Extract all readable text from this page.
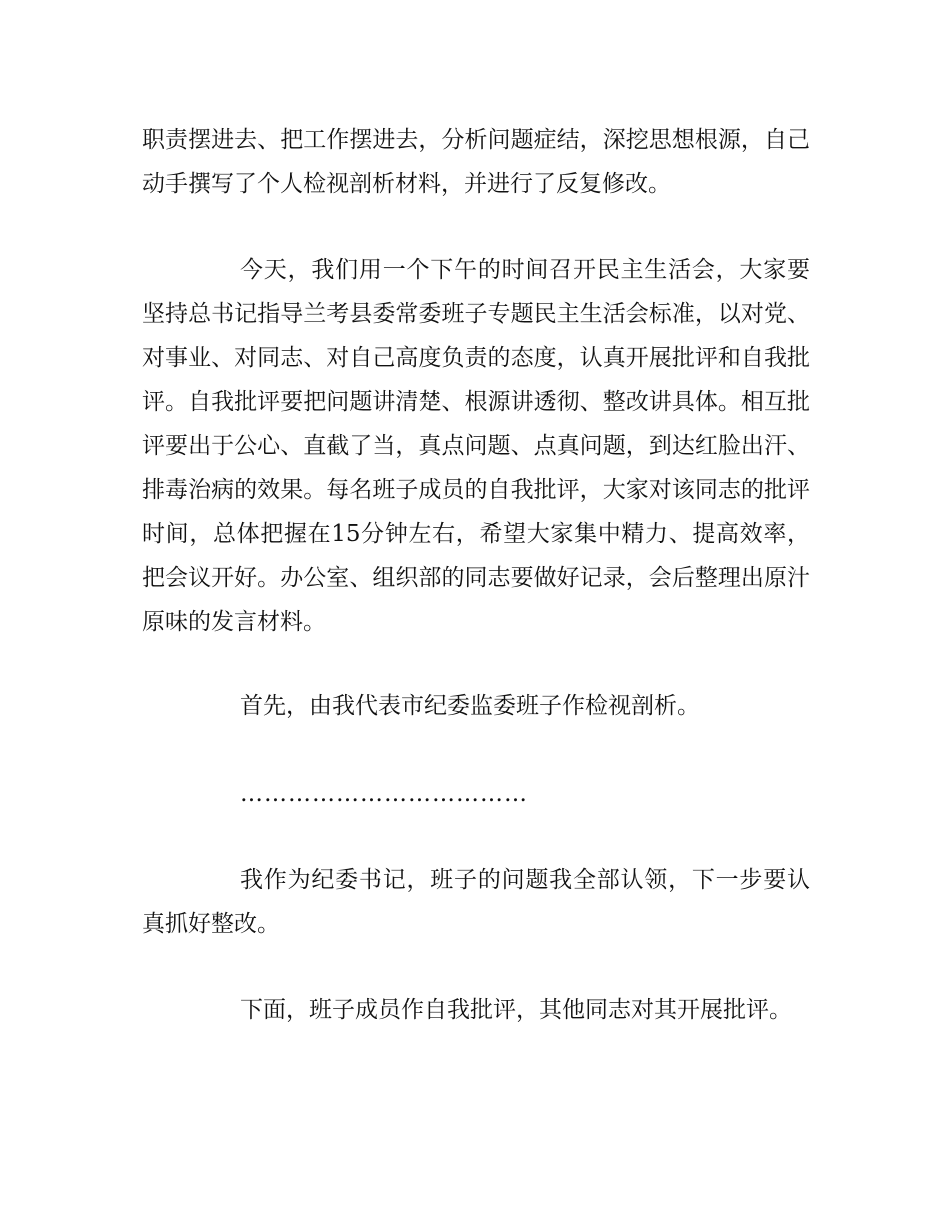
职责摆进去、把工作摆进去，分析问题症结，深挖思想根源，自己动手撰写了个人检视剖析材料，并进行了反复修改。

今天，我们用一个下午的时间召开民主生活会，大家要坚持总书记指导兰考县委常委班子专题民主生活会标准，以对党、对事业、对同志、对自己高度负责的态度，认真开展批评和自我批评。自我批评要把问题讲清楚、根源讲透彻、整改讲具体。相互批评要出于公心、直截了当，真点问题、点真问题，到达红脸出汗、排毒治病的效果。每名班子成员的自我批评，大家对该同志的批评时间，总体把握在15分钟左右，希望大家集中精力、提高效率，把会议开好。办公室、组织部的同志要做好记录，会后整理出原汁原味的发言材料。

首先，由我代表市纪委监委班子作检视剖析。

………………………………

我作为纪委书记，班子的问题我全部认领，下一步要认真抓好整改。

下面，班子成员作自我批评，其他同志对其开展批评。
